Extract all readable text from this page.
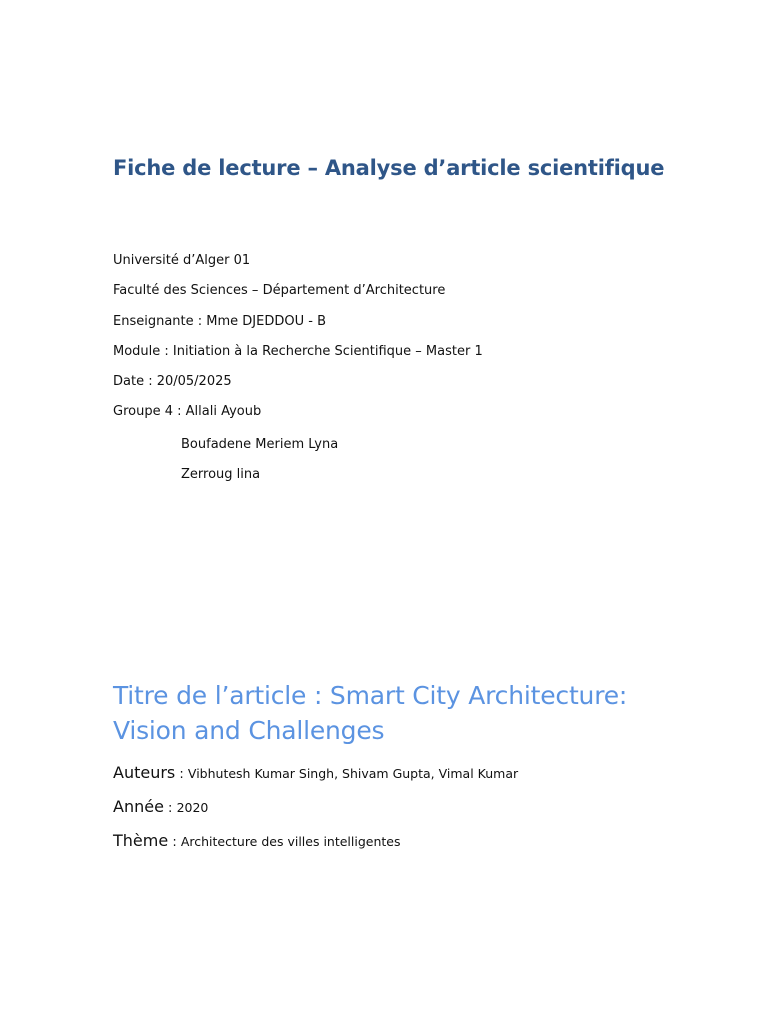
Fiche de lecture – Analyse d’article scientifique

Université d’Alger 01

Faculté des Sciences – Département d’Architecture

Enseignante : Mme DJEDDOU - B

Module : Initiation à la Recherche Scientifique – Master 1

Date : 20/05/2025

Groupe 4 : Allali Ayoub

Boufadene Meriem Lyna

Zerroug lina

Titre de l’article : Smart City Architecture:
Vision and Challenges

Auteurs : Vibhutesh Kumar Singh, Shivam Gupta, Vimal Kumar

Année : 2020

Thème : Architecture des villes intelligentes
